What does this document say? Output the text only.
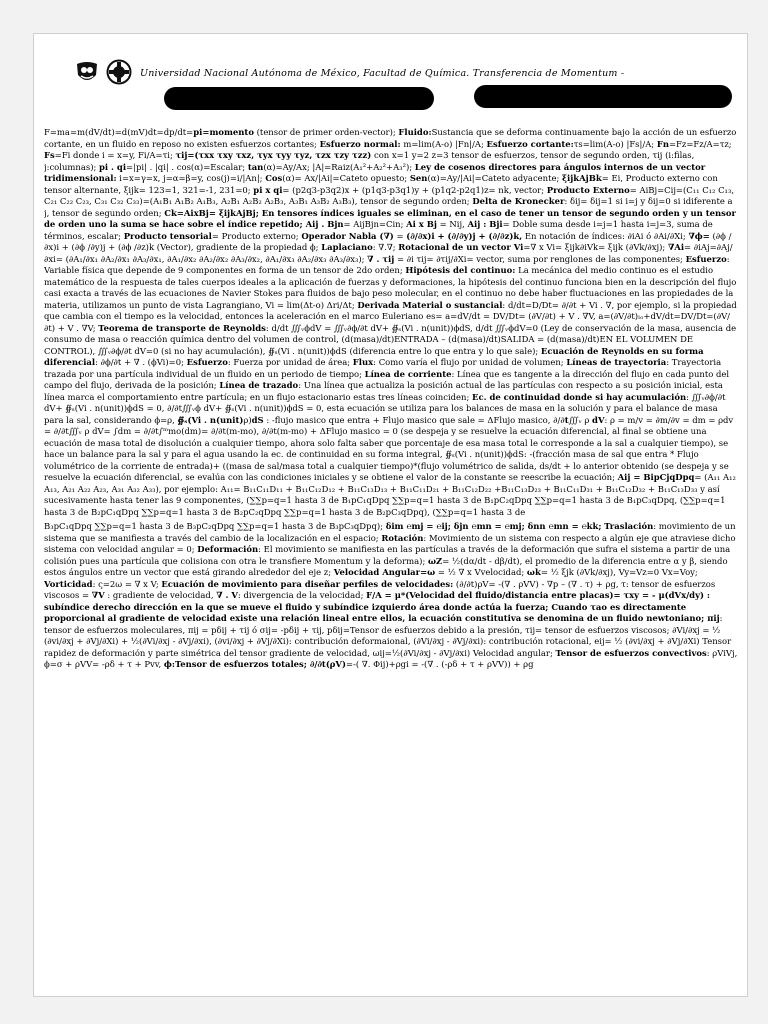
Universidad Nacional Autónoma de México, Facultad de Química. Transferencia de Momentum -

F=ma=m(dV/dt)=d(mV)dt=dp/dt=pi=momento (tensor de primer orden-vector); Fluido:Sustancia que se deforma continuamente bajo la acción de un esfuerzo cortante, en un fluido en reposo no existen esfuerzos cortantes; Esfuerzo normal: m=lim(A-o) |Fn|/A; Esfuerzo cortante:τs=lim(A-o) |Fs|/A; Fn=Fz=Fz/A=τz; Fs=Fi donde i = x=y, Fi/A=τi; τij=(τxx τxy τxz, τyx τyy τyz, τzx τzy τzz) con x=1 y=2 z=3 tensor de esfuerzos, tensor de segundo orden, τij (i:filas, j:columnas); pi . qi=|pi| . |qi| . cos(α)=Escalar; tan(α)=Ay/Ax; |A|=Raiz(A₁²+A₂²+A₃²); Ley de cosenos directores para ángulos internos de un vector tridimensional: i=x=γ=x, j=α=β=y, cos(j)=i/|An|; Cos(α)= Ax/|Ai|=Cateto opuesto; Sen(α)=Ay/|Ai|=Cateto adyacente; ξijkAjBk= Ei, Producto externo con tensor alternante, ξijk= 123=1, 321=-1, 231=0; pi x qi= (p2q3-p3q2)x + (p1q3-p3q1)y + (p1q2-p2q1)z= nk, vector; Producto Externo= AiBj=Cij=(C₁₁ C₁₂ C₁₃, C₂₁ C₂₂ C₂₃, C₃₁ C₃₂ C₃₃)=(A₁B₁ A₁B₂ A₁B₃, A₂B₁ A₂B₂ A₂B₃, A₃B₁ A₃B₂ A₃B₃), tensor de segundo orden; Delta de Kronecker: δij= δij=1 si i=j y δij=0 si idiferente a j, tensor de segundo orden; Ck=AixBj= ξijkAjBj; En tensores índices iguales se eliminan, en el caso de tener un tensor de segundo orden y un tensor de orden uno la suma se hace sobre el índice repetido; Aij . Bjn= AijBjn=Cin; Ai x Bj = Nij, Aij : Bji= Doble suma desde i=j=1 hasta i=j=3, suma de términos, escalar; Producto tensorial= Producto externo; Operador Nabla (∇) = (∂/∂x)i + (∂/∂y)j + (∂/∂z)k, En notación de índices: ∂iAi ó ∂Ai/∂Xi; ∇ϕ= (∂ϕ /∂x)i + (∂ϕ /∂y)j + (∂ϕ /∂z)k (Vector), gradiente de la propiedad ϕ; Laplaciano: ∇.∇; Rotacional de un vector Vi=∇ x Vi= ξijk∂iVk= ξijk (∂Vk/∂xj); ∇Ai= ∂iAj=∂Aj/∂xi= (∂A₁/∂x₁ ∂A₂/∂x₁ ∂A₃/∂x₁, ∂A₁/∂x₂ ∂A₂/∂x₂ ∂A₃/∂x₂, ∂A₁/∂x₃ ∂A₂/∂x₃ ∂A₃/∂x₃); ∇ . τij = ∂i τij= ∂τij/∂Xi= vector, suma por renglones de las componentes; Esfuerzo: Variable física que depende de 9 componentes en forma de un tensor de 2do orden; Hipótesis del continuo: La mecánica del medio continuo es el estudio matemático de la respuesta de tales cuerpos ideales a la aplicación de fuerzas y deformaciones, la hipótesis del continuo funciona bien en la descripción del flujo casi exacta a través de las ecuaciones de Navier Stokes para fluidos de bajo peso molecular, en el continuo no debe haber fluctuaciones en las propiedades de la materia, utilizamos un punto de vista Lagrangiano, Vi = lim(Δt-o) Δri/Δt; Derivada Material o sustancial: d/dt=D/Dt= ∂/∂t + Vi . ∇, por ejemplo, si la propiedad que cambia con el tiempo es la velocidad, entonces la aceleración en el marco Euleriano es= a=dV/dt = DV/Dt= (∂V/∂t) + V . ∇V, a=(∂V/∂t)ₗₒ+dV/dt=DV/Dt=(∂V/∂t) + V . ∇V; Teorema de transporte de Reynolds: d/dt ∭ᵥϕdV = ∭ᵥ∂ϕ/∂t dV+ ∯ₛ(Vi . n(unit))ϕdS, d/dt ∭ᵥϕdV=0 (Ley de conservación de la masa, ausencia de consumo de masa o reacción química dentro del volumen de control, (d(masa)/dt)ENTRADA – (d(masa)/dt)SALIDA = (d(masa)/dt)EN EL VOLUMEN DE CONTROL), ∭ᵥ∂ϕ/∂t dV=0 (si no hay acumulación), ∯ₛ(Vi . n(unit))ϕdS (diferencia entre lo que entra y lo que sale); Ecuación de Reynolds en su forma diferencial: ∂ϕ/∂t + ∇ . (ϕVi)=0; Esfuerzo: Fuerza por unidad de área; Flux: Como varía el flujo por unidad de volumen; Líneas de trayectoria: Trayectoria trazada por una partícula individual de un fluido en un periodo de tiempo; Línea de corriente: Línea que es tangente a la dirección del flujo en cada punto del campo del flujo, derivada de la posición; Línea de trazado: Una línea que actualiza la posición actual de las partículas con respecto a su posición inicial, esta línea marca el comportamiento entre partícula; en un flujo estacionario estas tres líneas coinciden; Ec. de continuidad donde si hay acumulación: ∭ᵥ∂ϕ/∂t dV+ ∯ₛ(Vi . n(unit))ϕdS = 0, ∂/∂t∭ᵥϕ dV+ ∯ₛ(Vi . n(unit))ϕdS = 0, esta ecuación se utiliza para los balances de masa en la solución y para el balance de masa para la sal, considerando ϕ=ρ, ∯ₛ(Vi . n(unit)ρ)dS : -flujo masico que entra + Flujo masico que sale = ΔFlujo masico, ∂/∂t∭ᵥ ρ dV: ρ = m/v = ∂m/∂v = dm = ρdv = ∂/∂t∭ᵥ ρ dV= ∫dm = ∂/∂t∫ᵐmo(dm)= ∂/∂t(m-mo), ∂/∂t(m-mo) + ΔFlujo masico = 0 (se despeja y se resuelve la ecuación diferencial, al final se obtiene una ecuación de masa total de disolución a cualquier tiempo, ahora solo falta saber que porcentaje de esa masa total le corresponde a la sal a cualquier tiempo), se hace un balance para la sal y para el agua usando la ec. de continuidad en su forma integral, ∯ₛ(Vi . n(unit))ϕdS: -(fracción masa de sal que entra * Flujo volumétrico de la corriente de entrada)+ ((masa de sal/masa total a cualquier tiempo)*(flujo volumétrico de salida, ds/dt + lo anterior obtenido (se despeja y se resuelve la ecuación diferencial, se evalúa con las condiciones iniciales y se obtiene el valor de la constante se reescribe la ecuación; Aij = BipCjqDpq= (A₁₁ A₁₂ A₁₃, A₂₁ A₂₂ A₂₃, A₃₁ A₃₂ A₃₃), por ejemplo: A₁₁= B₁₁C₁₁D₁₁ + B₁₁C₁₂D₁₂ + B₁₁C₁₃D₁₃ + B₁₁C₁₁D₂₁ + B₁₁C₁₂D₂₂ +B₁₁C₁₃D₂₃ + B₁₁C₁₁D₃₁ + B₁₁C₁₂D₃₂ + B₁₁C₁₃D₃₃ y así sucesivamente hasta tener las 9 componentes, (∑∑p=q=1 hasta 3 de B₁pC₁qDpq ∑∑p=q=1 hasta 3 de B₁pC₂qDpq ∑∑p=q=1 hasta 3 de B₁pC₃qDpq, (∑∑p=q=1 hasta 3 de B₂pC₁qDpq ∑∑p=q=1 hasta 3 de B₂pC₂qDpq ∑∑p=q=1 hasta 3 de B₂pC₃qDpq), (∑∑p=q=1 hasta 3 de

B₃pC₁qDpq ∑∑p=q=1 hasta 3 de B₃pC₂qDpq ∑∑p=q=1 hasta 3 de B₃pC₃qDpq); δim ℮mj = ℮ij; δjn ℮mn = ℮mj; δnn ℮mn = ℮kk; Traslación: movimiento de un sistema que se manifiesta a través del cambio de la localización en el espacio; Rotación: Movimiento de un sistema con respecto a algún eje que atraviese dicho sistema con velocidad angular = 0; Deformación: El movimiento se manifiesta en las partículas a través de la deformación que sufra el sistema a partir de una colisión pues una partícula que colisiona con otra le transfiere Momentum y la deforma); ωZ= ½(dα/dt - dβ/dt), el promedio de la diferencia entre α y β, siendo estos ángulos entre un vector que está girando alrededor del eje z; Velocidad Angular=ω = ½ ∇ x Vvelocidad; ωk= ½ ξjk (∂Vk/∂xj), Vy=Vz=0 Vx=Voy; Vorticidad: ς=2ω = ∇ x V; Ecuación de movimiento para diseñar perfiles de velocidades: (∂/∂t)ρV= -(∇ . ρVV) - ∇p – (∇ . τ) + ρg, τ: tensor de esfuerzos viscosos = ∇V : gradiente de velocidad, ∇ . V: divergencia de la velocidad; F/A = μ*(Velocidad del fluido/distancia entre placas)= τxy = - μ(dVx/dy) : subíndice derecho dirección en la que se mueve el fluido y subíndice izquierdo área donde actúa la fuerza; Cuando τao es directamente proporcional al gradiente de velocidad existe una relación lineal entre ellos, la ecuación constitutiva se denomina de un fluido newtoniano; πij: tensor de esfuerzos moleculares, πij = pδij + τij ó σij= -pδij + τij, pδij=Tensor de esfuerzos debido a la presión, τij= tensor de esfuerzos viscosos; ∂Vi/∂xj = ½ (∂vi/∂xj + ∂Vj/∂Xi) + ½(∂Vi/∂xj - ∂Vj/∂xi), (∂vi/∂xj + ∂Vj/∂Xi): contribución deformaional, (∂Vi/∂xj - ∂Vj/∂xi): contribución rotacional, eij= ½ (∂vi/∂xj + ∂Vj/∂Xi) Tensor rapidez de deformación y parte simétrica del tensor gradiente de velocidad, ωij=½(∂Vi/∂xj - ∂Vj/∂xi) Velocidad angular; Tensor de esfuerzos convectivos: ρViVj, ϕ=σ + ρVV= -ρδ + τ + Pvv, ϕ:Tensor de esfuerzos totales; ∂/∂t(ρV)=-( ∇. Φij)+ρgi = -(∇ . (-ρδ + τ + ρVV)) + ρg
